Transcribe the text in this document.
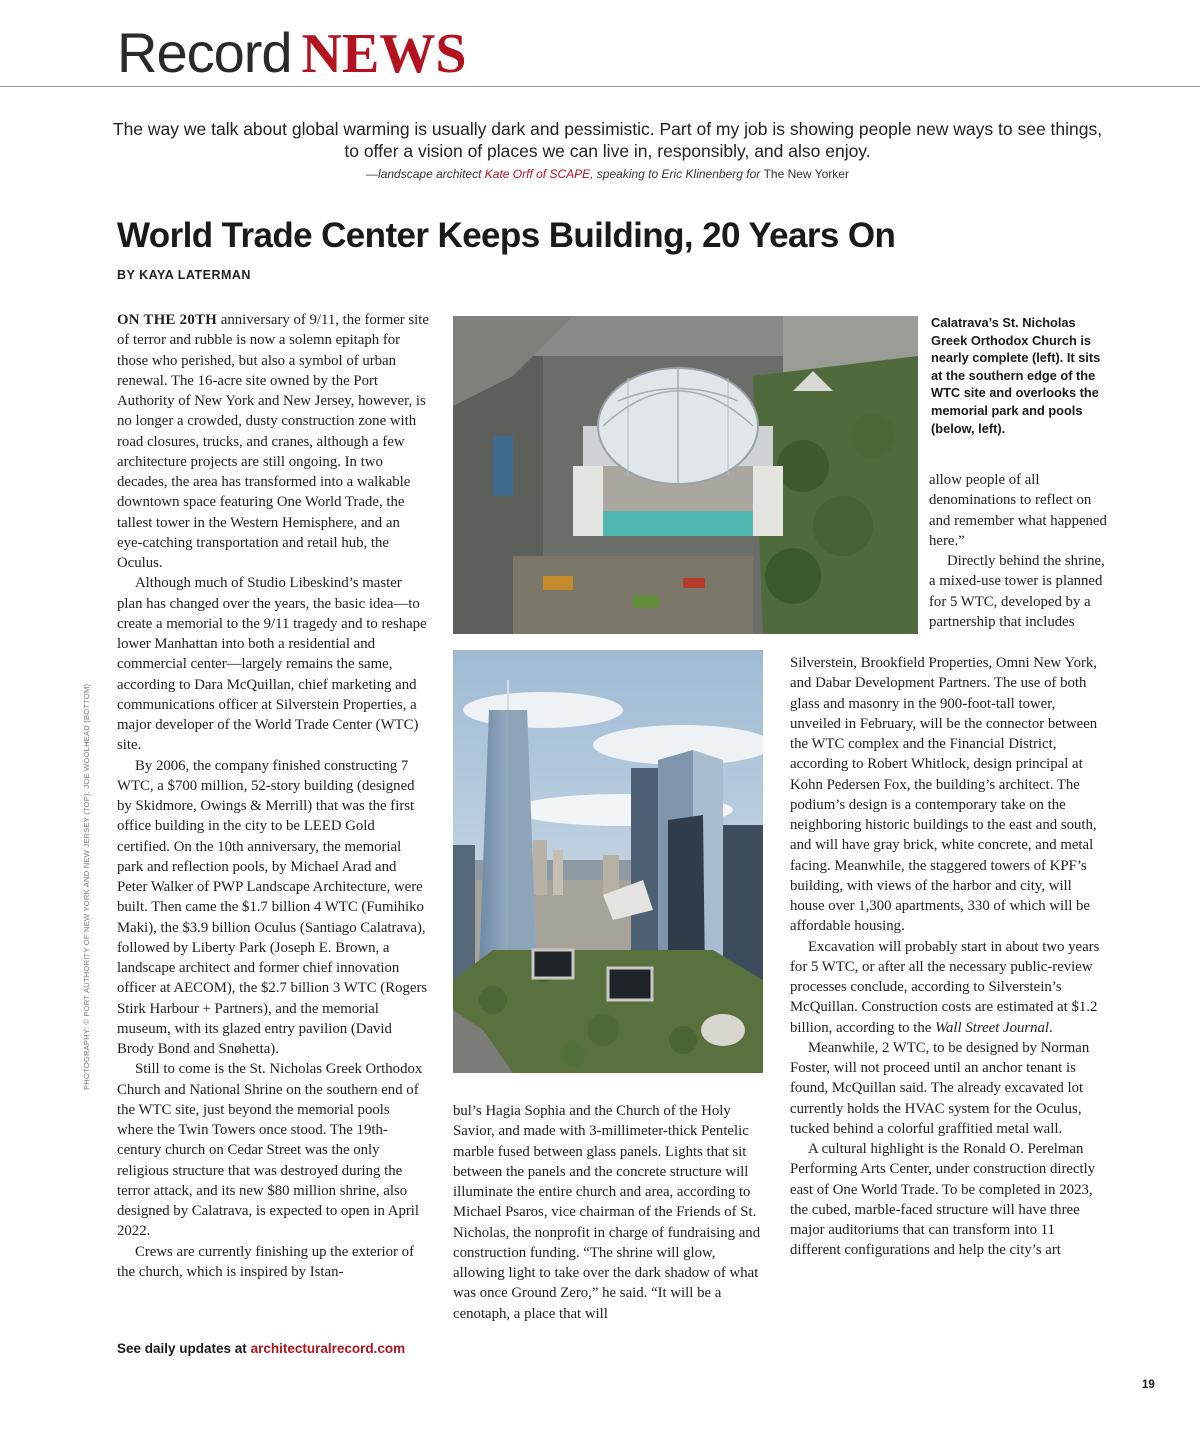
Record NEWS
The way we talk about global warming is usually dark and pessimistic. Part of my job is showing people new ways to see things, to offer a vision of places we can live in, responsibly, and also enjoy.
—landscape architect Kate Orff of SCAPE, speaking to Eric Klinenberg for The New Yorker
World Trade Center Keeps Building, 20 Years On
BY KAYA LATERMAN

ON THE 20TH anniversary of 9/11, the former site of terror and rubble is now a solemn epitaph for those who perished, but also a symbol of urban renewal. The 16-acre site owned by the Port Authority of New York and New Jersey, however, is no longer a crowded, dusty construction zone with road closures, trucks, and cranes, although a few architecture projects are still ongoing. In two decades, the area has transformed into a walkable downtown space featuring One World Trade, the tallest tower in the Western Hemisphere, and an eye-catching transportation and retail hub, the Oculus.

Although much of Studio Libeskind’s master plan has changed over the years, the basic idea—to create a memorial to the 9/11 tragedy and to reshape lower Manhattan into both a residential and commercial center—largely remains the same, according to Dara McQuillan, chief marketing and communications officer at Silverstein Properties, a major developer of the World Trade Center (WTC) site.

By 2006, the company finished constructing 7 WTC, a $700 million, 52-story building (designed by Skidmore, Owings & Merrill) that was the first office building in the city to be LEED Gold certified. On the 10th anniversary, the memorial park and reflection pools, by Michael Arad and Peter Walker of PWP Landscape Architecture, were built. Then came the $1.7 billion 4 WTC (Fumihiko Maki), the $3.9 billion Oculus (Santiago Calatrava), followed by Liberty Park (Joseph E. Brown, a landscape architect and former chief innovation officer at AECOM), the $2.7 billion 3 WTC (Rogers Stirk Harbour + Partners), and the memorial museum, with its glazed entry pavilion (David Brody Bond and Snøhetta).

Still to come is the St. Nicholas Greek Orthodox Church and National Shrine on the southern end of the WTC site, just beyond the memorial pools where the Twin Towers once stood. The 19th-century church on Cedar Street was the only religious structure that was destroyed during the terror attack, and its new $80 million shrine, also designed by Calatrava, is expected to open in April 2022.

Crews are currently finishing up the exterior of the church, which is inspired by Istan-

Calatrava’s St. Nicholas Greek Orthodox Church is nearly complete (left). It sits at the southern edge of the WTC site and overlooks the memorial park and pools (below, left).

bul’s Hagia Sophia and the Church of the Holy Savior, and made with 3-millimeter-thick Pentelic marble fused between glass panels. Lights that sit between the panels and the concrete structure will illuminate the entire church and area, according to Michael Psaros, vice chairman of the Friends of St. Nicholas, the nonprofit in charge of fundraising and construction funding. “The shrine will glow, allowing light to take over the dark shadow of what was once Ground Zero,” he said. “It will be a cenotaph, a place that will

allow people of all denominations to reflect on and remember what happened here.”

Directly behind the shrine, a mixed-use tower is planned for 5 WTC, developed by a partnership that includes

Silverstein, Brookfield Properties, Omni New York, and Dabar Development Partners. The use of both glass and masonry in the 900-foot-tall tower, unveiled in February, will be the connector between the WTC complex and the Financial District, according to Robert Whitlock, design principal at Kohn Pedersen Fox, the building’s architect. The podium’s design is a contemporary take on the neighboring historic buildings to the east and south, and will have gray brick, white concrete, and metal facing. Meanwhile, the staggered towers of KPF’s building, with views of the harbor and city, will house over 1,300 apartments, 330 of which will be affordable housing.

Excavation will probably start in about two years for 5 WTC, or after all the necessary public-review processes conclude, according to Silverstein’s McQuillan. Construction costs are estimated at $1.2 billion, according to the Wall Street Journal.

Meanwhile, 2 WTC, to be designed by Norman Foster, will not proceed until an anchor tenant is found, McQuillan said. The already excavated lot currently holds the HVAC system for the Oculus, tucked behind a colorful graffitied metal wall.

A cultural highlight is the Ronald O. Perelman Performing Arts Center, under construction directly east of One World Trade. To be completed in 2023, the cubed, marble-faced structure will have three major auditoriums that can transform into 11 different configurations and help the city’s art

PHOTOGRAPHY: © PORT AUTHORITY OF NEW YORK AND NEW JERSEY (TOP); JOE WOOLHEAD (BOTTOM)
See daily updates at architecturalrecord.com
19
